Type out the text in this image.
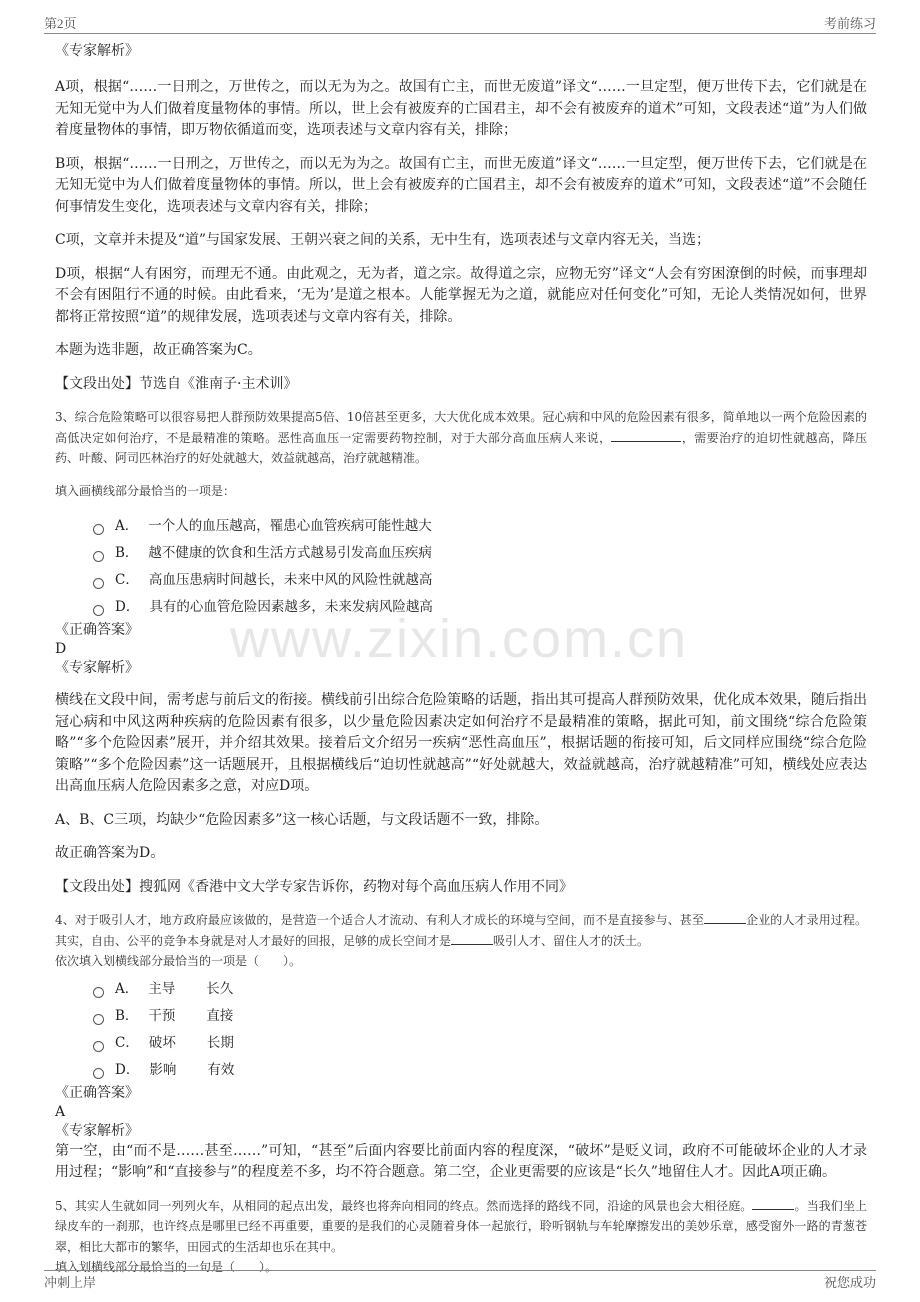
第2页	考前练习
www.zixin.com.cn

《专家解析》

A项，根据“……一日刑之，万世传之，而以无为为之。故国有亡主，而世无废道”译文“……一旦定型，便万世传下去，它们就是在无知无觉中为人们做着度量物体的事情。所以，世上会有被废弃的亡国君主，却不会有被废弃的道术”可知，文段表述“道”为人们做着度量物体的事情，即万物依循道而变，选项表述与文章内容有关，排除；

B项，根据“……一日刑之，万世传之，而以无为为之。故国有亡主，而世无废道”译文“……一旦定型，便万世传下去，它们就是在无知无觉中为人们做着度量物体的事情。所以，世上会有被废弃的亡国君主，却不会有被废弃的道术”可知，文段表述“道”不会随任何事情发生变化，选项表述与文章内容有关，排除；

C项，文章并未提及“道”与国家发展、王朝兴衰之间的关系，无中生有，选项表述与文章内容无关，当选；

D项，根据“人有困穷，而理无不通。由此观之，无为者，道之宗。故得道之宗，应物无穷”译文“人会有穷困潦倒的时候，而事理却不会有困阻行不通的时候。由此看来，‘无为’是道之根本。人能掌握无为之道，就能应对任何变化”可知，无论人类情况如何，世界都将正常按照“道”的规律发展，选项表述与文章内容有关，排除。

本题为选非题，故正确答案为C。

【文段出处】节选自《淮南子·主术训》

3、综合危险策略可以很容易把人群预防效果提高5倍、10倍甚至更多，大大优化成本效果。冠心病和中风的危险因素有很多，简单地以一两个危险因素的高低决定如何治疗，不是最精准的策略。恶性高血压一定需要药物控制，对于大部分高血压病人来说，	，需要治疗的迫切性就越高，降压药、叶酸、阿司匹林治疗的好处就越大，效益就越高，治疗就越精准。

填入画横线部分最恰当的一项是：

A． 一个人的血压越高，罹患心血管疾病可能性越大
B． 越不健康的饮食和生活方式越易引发高血压疾病
C． 高血压患病时间越长，未来中风的风险性就越高
D． 具有的心血管危险因素越多，未来发病风险越高

《正确答案》

D

《专家解析》

横线在文段中间，需考虑与前后文的衔接。横线前引出综合危险策略的话题，指出其可提高人群预防效果，优化成本效果，随后指出冠心病和中风这两种疾病的危险因素有很多，以少量危险因素决定如何治疗不是最精准的策略，据此可知，前文围绕“综合危险策略”“多个危险因素”展开，并介绍其效果。接着后文介绍另一疾病“恶性高血压”，根据话题的衔接可知，后文同样应围绕“综合危险策略”“多个危险因素”这一话题展开，且根据横线后“迫切性就越高”“好处就越大，效益就越高，治疗就越精准”可知，横线处应表达出高血压病人危险因素多之意，对应D项。

A、B、C三项，均缺少“危险因素多”这一核心话题，与文段话题不一致，排除。

故正确答案为D。

【文段出处】搜狐网《香港中文大学专家告诉你，药物对每个高血压病人作用不同》

4、对于吸引人才，地方政府最应该做的，是营造一个适合人才流动、有利人才成长的环境与空间，而不是直接参与、甚至	企业的人才录用过程。其实，自由、公平的竞争本身就是对人才最好的回报，足够的成长空间才是	吸引人才、留住人才的沃土。

依次填入划横线部分最恰当的一项是（　　）。

A． 主导	长久
B． 干预	直接
C． 破坏	长期
D． 影响	有效

《正确答案》

A

《专家解析》

第一空，由“而不是……甚至……”可知，“甚至”后面内容要比前面内容的程度深，“破坏”是贬义词，政府不可能破坏企业的人才录用过程；“影响”和“直接参与”的程度差不多，均不符合题意。第二空，企业更需要的应该是“长久”地留住人才。因此A项正确。

5、其实人生就如同一列列火车，从相同的起点出发，最终也将奔向相同的终点。然而选择的路线不同，沿途的风景也会大相径庭。	。当我们坐上绿皮车的一刹那，也许终点是哪里已经不再重要，重要的是我们的心灵随着身体一起旅行，聆听钢轨与车轮摩擦发出的美妙乐章，感受窗外一路的青葱苍翠，相比大都市的繁华，田园式的生活却也乐在其中。

填入划横线部分最恰当的一句是（　　）。

冲刺上岸	祝您成功
